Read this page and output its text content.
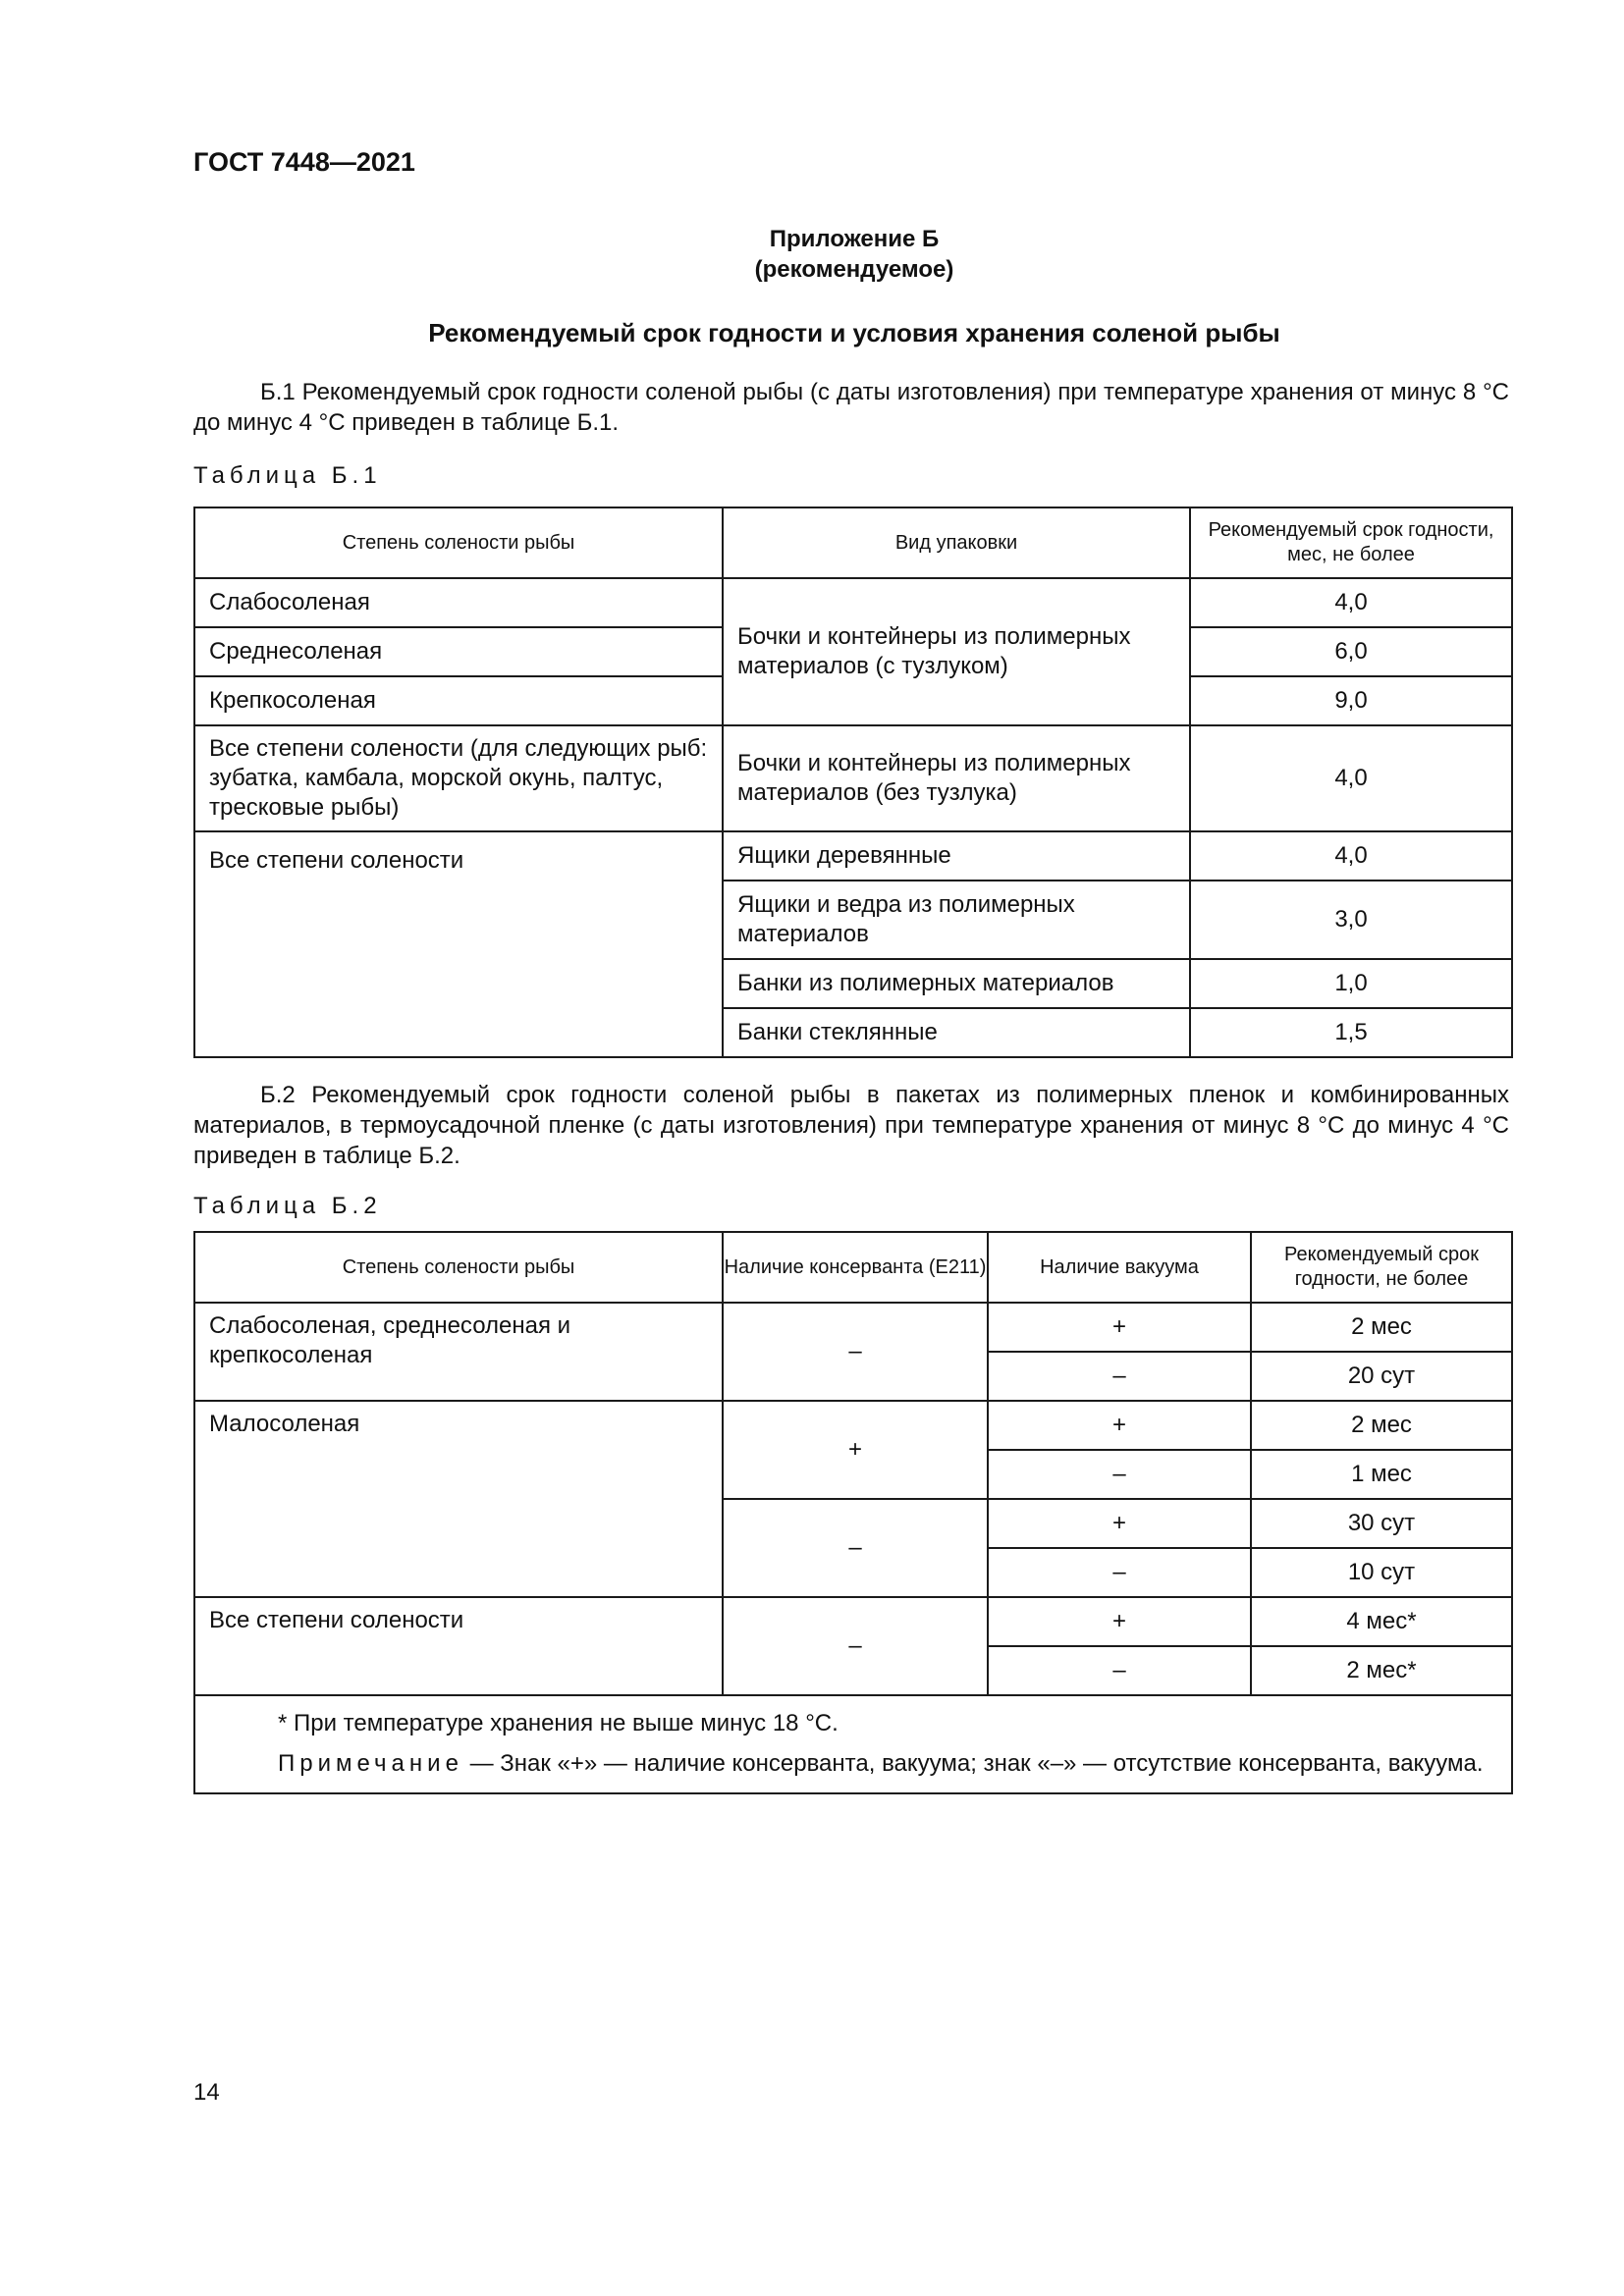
ГОСТ 7448—2021
Приложение Б
(рекомендуемое)
Рекомендуемый срок годности и условия хранения соленой рыбы
Б.1 Рекомендуемый срок годности соленой рыбы (с даты изготовления) при температуре хранения от минус 8 °С до минус 4 °С приведен в таблице Б.1.
Таблица Б.1
Степень солености рыбы	Вид упаковки	Рекомендуемый срок годности, мес, не более
Слабосоленая	Бочки и контейнеры из полимерных материалов (с тузлуком)	4,0
Среднесоленая		6,0
Крепкосоленая		9,0
Все степени солености (для следующих рыб: зубатка, камбала, морской окунь, палтус, тресковые рыбы)	Бочки и контейнеры из полимерных материалов (без тузлука)	4,0
Все степени солености	Ящики деревянные	4,0
	Ящики и ведра из полимерных материалов	3,0
	Банки из полимерных материалов	1,0
	Банки стеклянные	1,5
Б.2 Рекомендуемый срок годности соленой рыбы в пакетах из полимерных пленок и комбинированных материалов, в термоусадочной пленке (с даты изготовления) при температуре хранения от минус 8 °С до минус 4 °С приведен в таблице Б.2.
Таблица Б.2
Степень солености рыбы	Наличие консерванта (Е211)	Наличие вакуума	Рекомендуемый срок годности, не более
Слабосоленая, среднесоленая и крепкосоленая	–	+	2 мес
		–	20 сут
Малосоленая	+	+	2 мес
		–	1 мес
	–	+	30 сут
		–	10 сут
Все степени солености	–	+	4 мес*
		–	2 мес*

* При температуре хранения не выше минус 18 °С.
Примечание — Знак «+» — наличие консерванта, вакуума; знак «–» — отсутствие консерванта, вакуума.			
14
